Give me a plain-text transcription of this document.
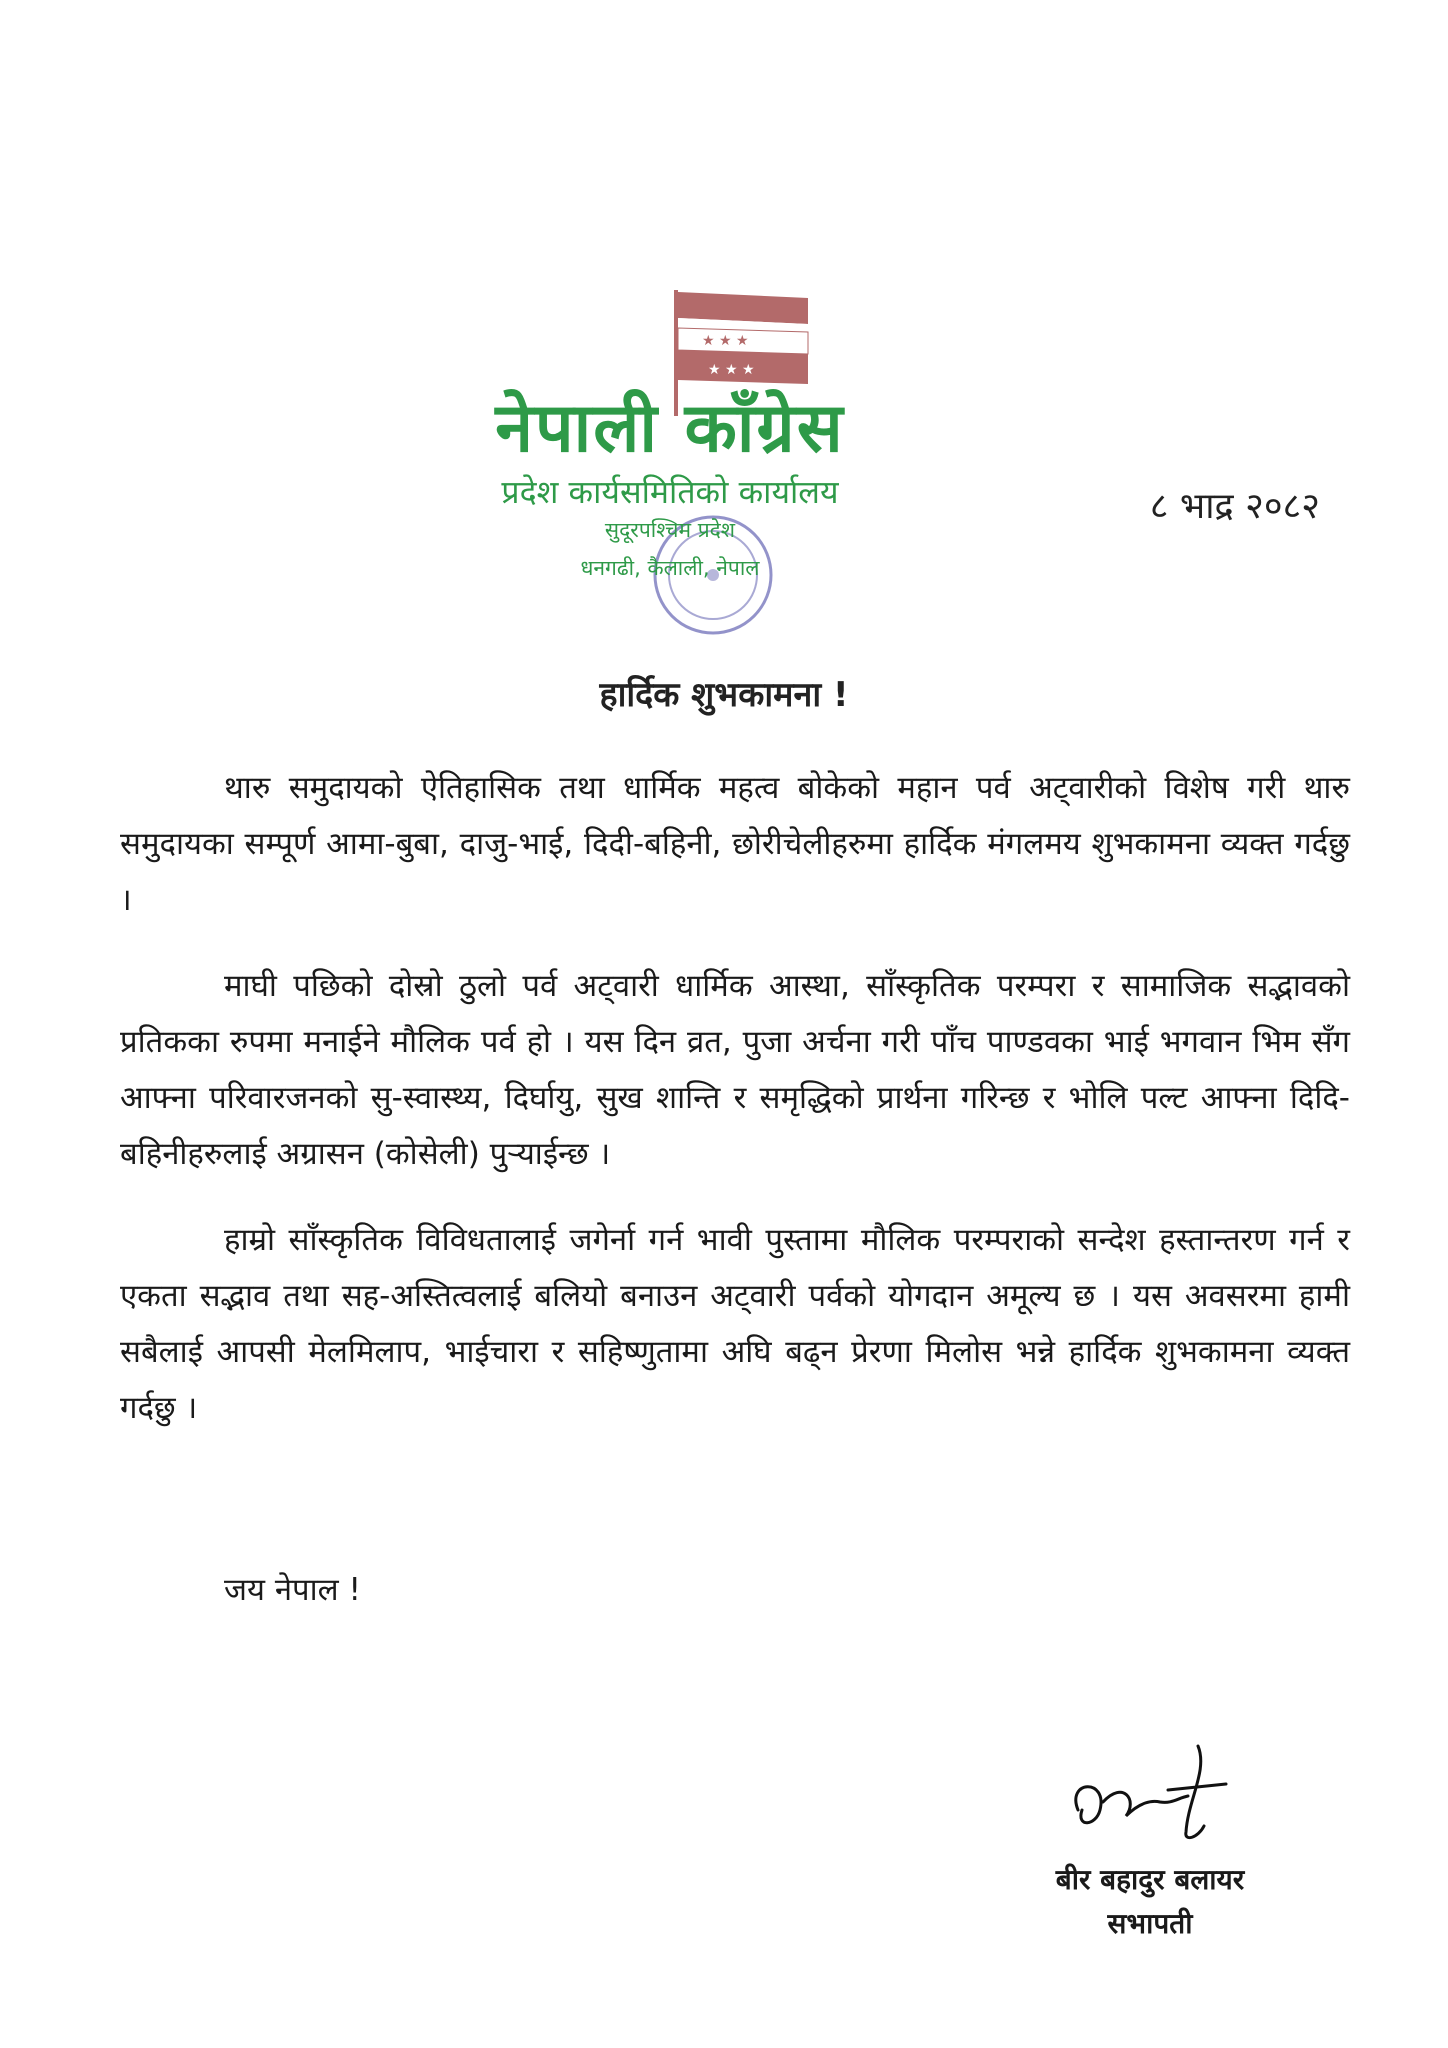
★ ★ ★
★ ★ ★
नेपाली काँग्रेस
प्रदेश कार्यसमिति​को कार्यालय
सुदूरपश्चिम प्रदेश
धनगढी, कैलाली, नेपाल
८ भाद्र २०८२
हार्दिक शुभकामना !

थारु समुदायको ऐतिहासिक तथा धार्मिक महत्व बोकेको महान पर्व अट्वारीको विशेष गरी थारु समुदायका सम्पूर्ण आमा-बुबा, दाजु-भाई, दिदी-बहिनी, छोरीचेलीहरुमा हार्दिक मंगलमय शुभकामना व्यक्त गर्दछु ।

माघी पछिको दोस्रो ठुलो पर्व अट्वारी धार्मिक आस्था, साँस्कृतिक परम्परा र सामाजिक सद्भावको प्रतिकका रुपमा मनाईने मौलिक पर्व हो । यस दिन व्रत, पुजा अर्चना गरी पाँच पाण्डवका भाई भगवान भिम सँग आफ्ना परिवारजनको सु-स्वास्थ्य, दिर्घायु, सुख शान्ति र समृद्धिको प्रार्थना गरिन्छ र भोलि पल्ट आफ्ना दिदि-बहिनीहरुलाई अग्रासन (कोसेली) पुऱ्याईन्छ ।

हाम्रो साँस्कृतिक विविधतालाई जगेर्ना गर्न भावी पुस्तामा मौलिक परम्पराको सन्देश हस्तान्तरण गर्न र एकता सद्भाव तथा सह-अस्तित्वलाई बलियो बनाउन अट्वारी पर्वको योगदान अमूल्य छ । यस अवसरमा हामी सबैलाई आपसी मेलमिलाप, भाईचारा र सहिष्णुतामा अघि बढ्न प्रेरणा मिलोस भन्ने हार्दिक शुभकामना व्यक्त गर्दछु ।

जय नेपाल !
बीर बहादुर बलायर
सभापती
